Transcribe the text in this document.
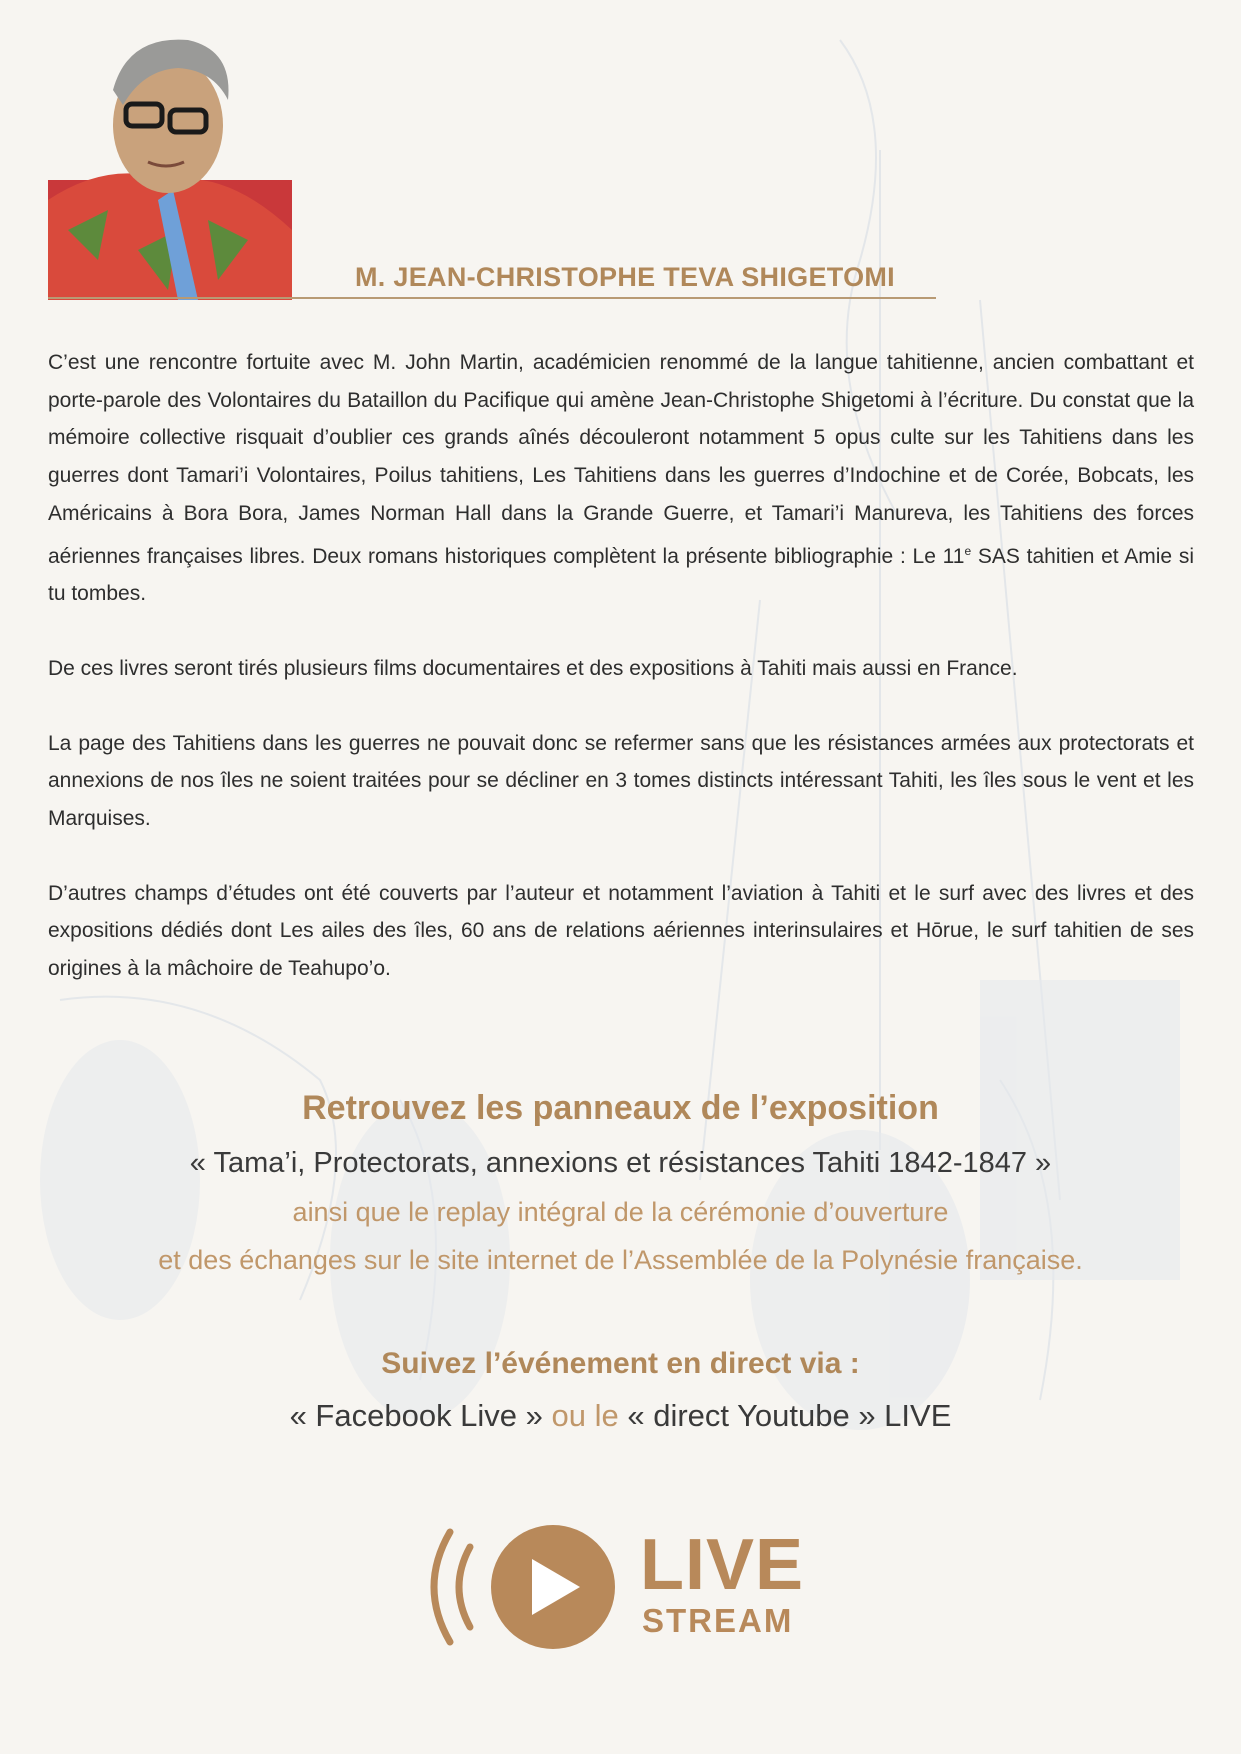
M. JEAN-CHRISTOPHE TEVA SHIGETOMI

C’est une rencontre fortuite avec M. John Martin, académicien renommé de la langue tahitienne, ancien combattant et porte-parole des Volontaires du Bataillon du Pacifique qui amène Jean-Christophe Shigetomi à l’écriture. Du constat que la mémoire collective risquait d’oublier ces grands aînés découleront notamment 5 opus culte sur les Tahitiens dans les guerres dont Tamari’i Volontaires, Poilus tahitiens, Les Tahitiens dans les guerres d’Indochine et de Corée, Bobcats, les Américains à Bora Bora, James Norman Hall dans la Grande Guerre, et Tamari’i Manureva, les Tahitiens des forces aériennes françaises libres. Deux romans historiques complètent la présente bibliographie : Le 11e SAS tahitien et Amie si tu tombes.

De ces livres seront tirés plusieurs films documentaires et des expositions à Tahiti mais aussi en France.

La page des Tahitiens dans les guerres ne pouvait donc se refermer sans que les résistances armées aux protectorats et annexions de nos îles ne soient traitées pour se décliner en 3 tomes distincts intéressant Tahiti, les îles sous le vent et les Marquises.

D’autres champs d’études ont été couverts par l’auteur et notamment l’aviation à Tahiti et le surf avec des livres et des expositions dédiés dont Les ailes des îles, 60 ans de relations aériennes interinsulaires et Hōrue, le surf tahitien de ses origines à la mâchoire de Teahupo’o.

Retrouvez les panneaux de l’exposition
« Tama’i, Protectorats, annexions et résistances Tahiti 1842-1847 »
ainsi que le replay intégral de la cérémonie d’ouverture
et des échanges sur le site internet de l’Assemblée de la Polynésie française.
Suivez l’événement en direct via :
« Facebook Live » ou le « direct Youtube » LIVE
LIVE
STREAM
